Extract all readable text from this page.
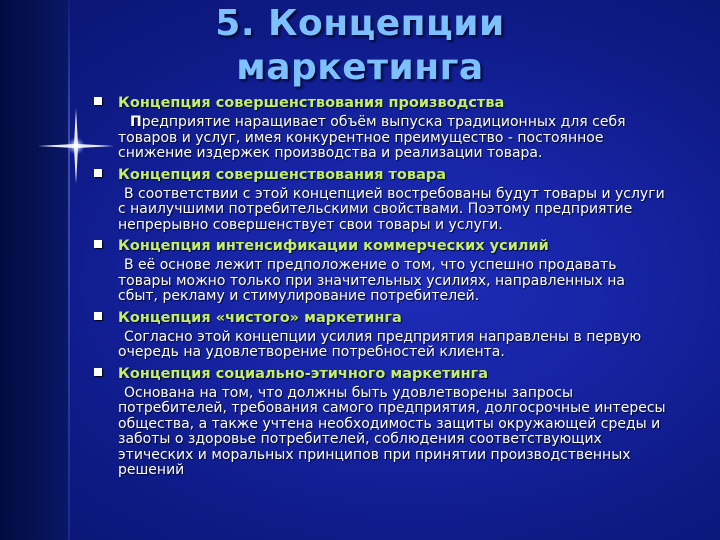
5. Концепции
маркетинга
Концепция совершенствования производства
Предприятие наращивает объём выпуска традиционных для себя товаров и услуг, имея конкурентное преимущество - постоянное снижение издержек производства и реализации товара.
Концепция совершенствования товара
В соответствии с этой концепцией востребованы будут товары и услуги с наилучшими потребительскими свойствами. Поэтому предприятие непрерывно совершенствует свои товары и услуги.
Концепция интенсификации коммерческих усилий
В её основе лежит предположение о том, что успешно продавать товары можно только при значительных усилиях, направленных на сбыт, рекламу и стимулирование потребителей.
Концепция «чистого» маркетинга
Согласно этой концепции усилия предприятия направлены в первую очередь на удовлетворение потребностей клиента.
Концепция социально-этичного маркетинга
Основана на том, что должны быть удовлетворены запросы потребителей, требования самого предприятия, долгосрочные интересы общества, а также учтена необходимость защиты окружающей среды и заботы о здоровье потребителей, соблюдения соответствующих этических и моральных принципов при принятии производственных решений
